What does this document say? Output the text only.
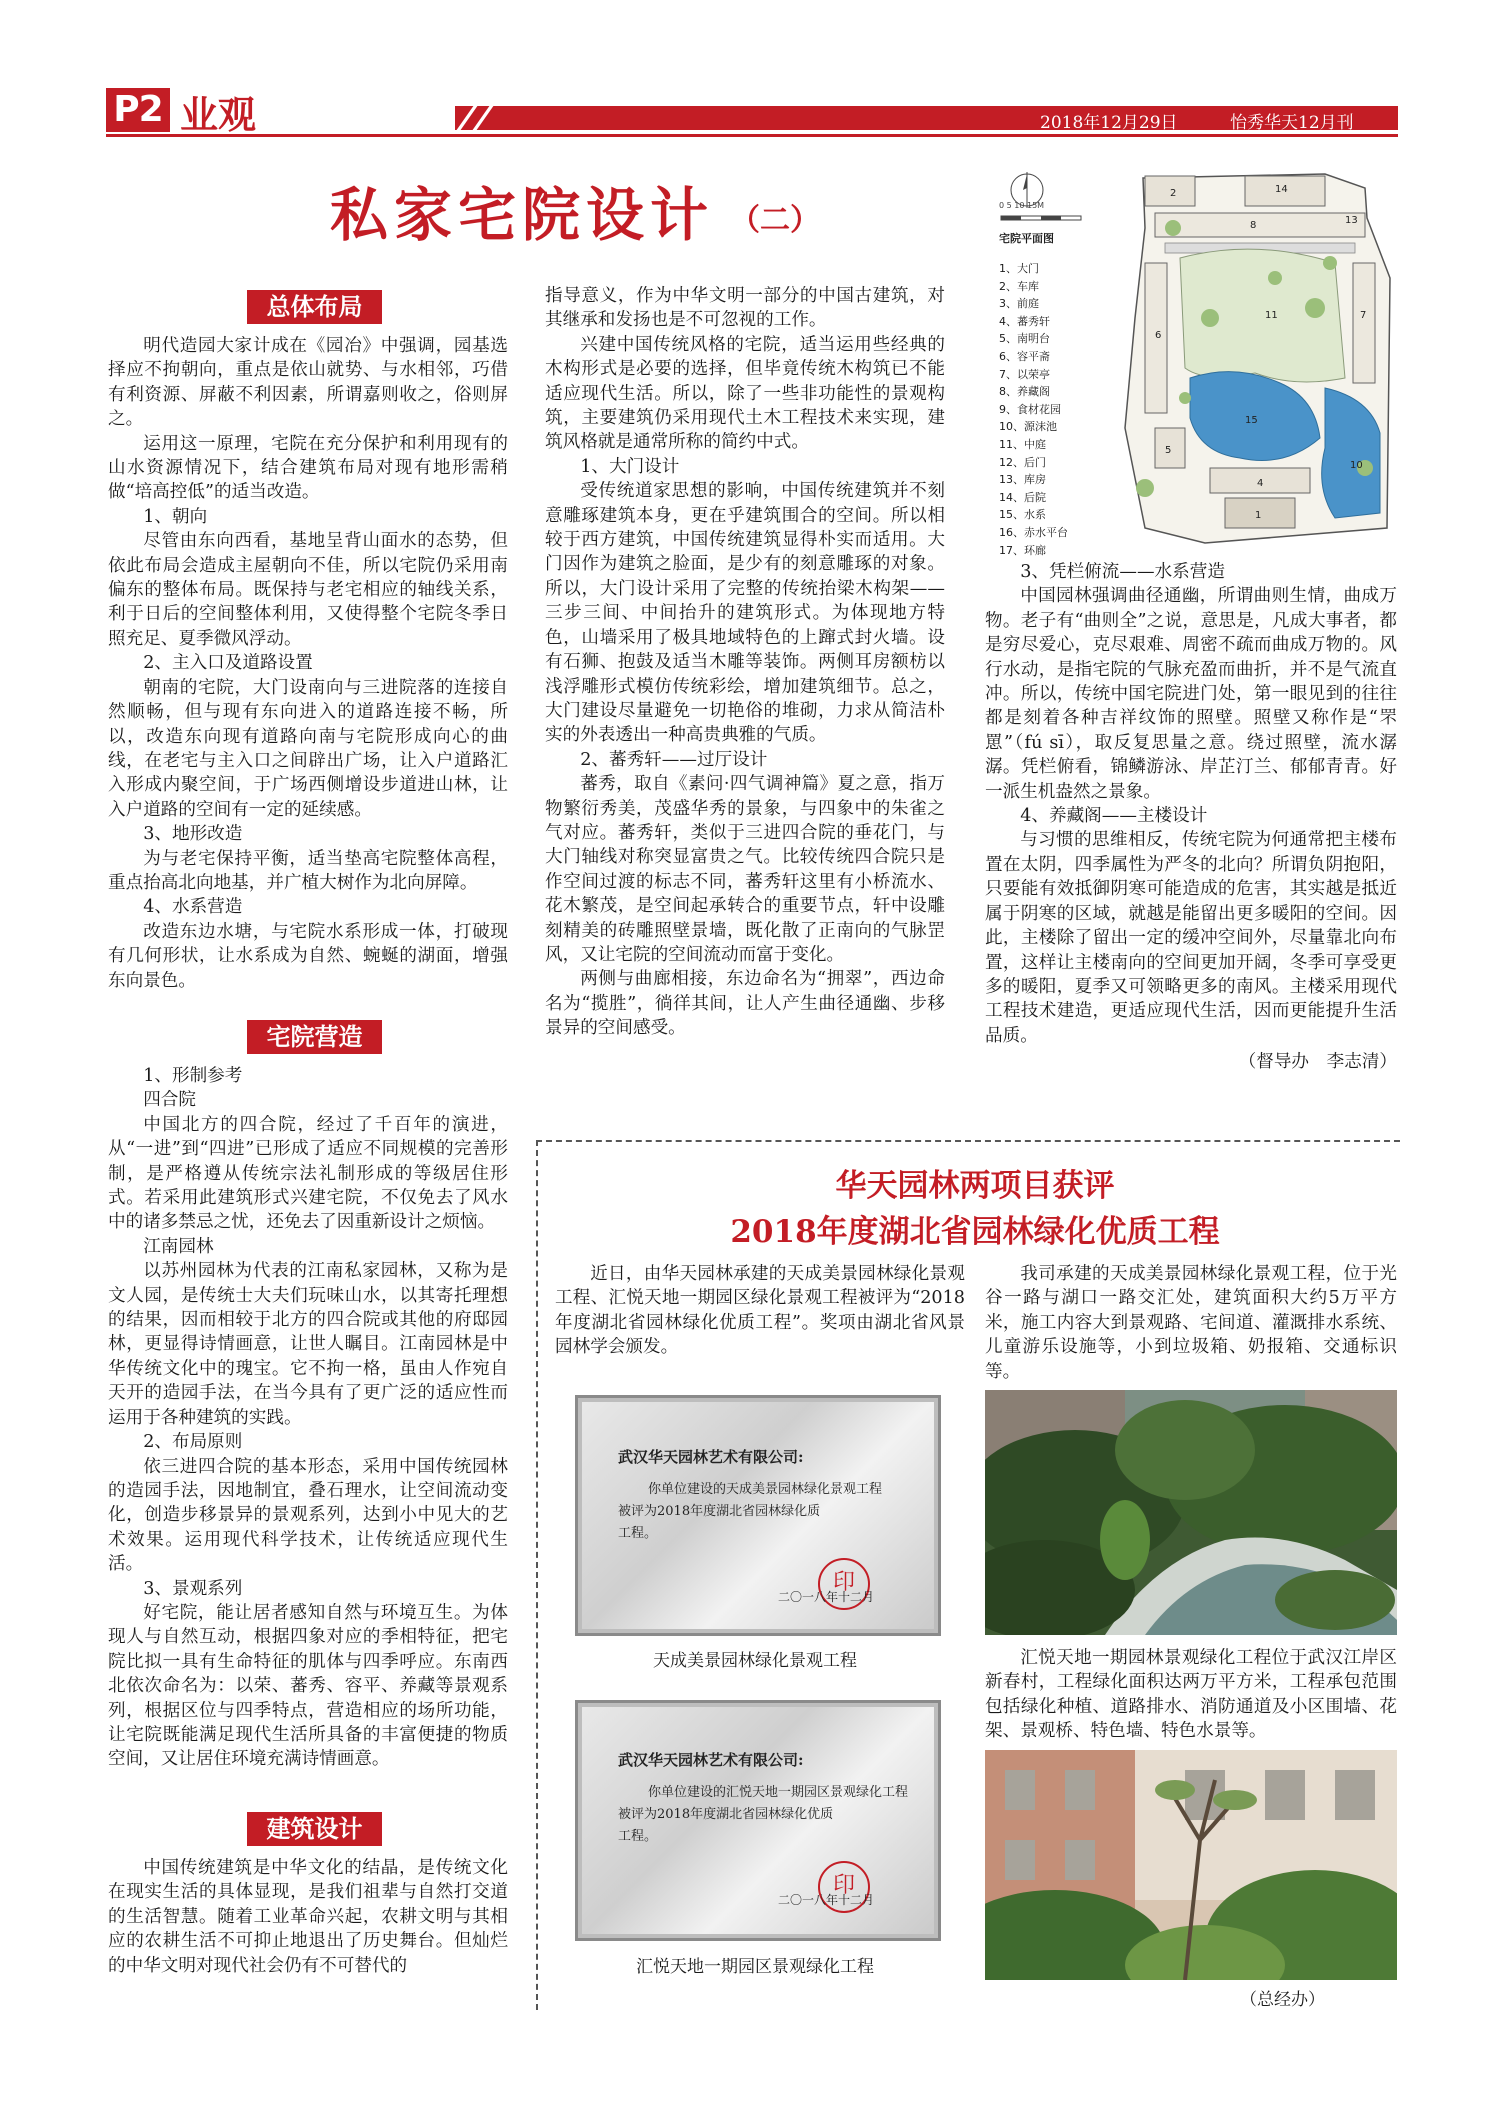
P2 业观	2018年12月29日	怡秀华天12月刊
私家宅院设计 （二）
总体布局

明代造园大家计成在《园冶》中强调，园基选择应不拘朝向，重点是依山就势、与水相邻，巧借有利资源、屏蔽不利因素，所谓嘉则收之，俗则屏之。

运用这一原理，宅院在充分保护和利用现有的山水资源情况下，结合建筑布局对现有地形需稍做“培高控低”的适当改造。

1、朝向

尽管由东向西看，基地呈背山面水的态势，但依此布局会造成主屋朝向不佳，所以宅院仍采用南偏东的整体布局。既保持与老宅相应的轴线关系，利于日后的空间整体利用，又使得整个宅院冬季日照充足、夏季微风浮动。

2、主入口及道路设置

朝南的宅院，大门设南向与三进院落的连接自然顺畅，但与现有东向进入的道路连接不畅，所以，改造东向现有道路向南与宅院形成向心的曲线，在老宅与主入口之间辟出广场，让入户道路汇入形成内聚空间，于广场西侧增设步道进山林，让入户道路的空间有一定的延续感。

3、地形改造

为与老宅保持平衡，适当垫高宅院整体高程，重点抬高北向地基，并广植大树作为北向屏障。

4、水系营造

改造东边水塘，与宅院水系形成一体，打破现有几何形状，让水系成为自然、蜿蜒的湖面，增强东向景色。

宅院营造

1、形制参考

四合院

中国北方的四合院，经过了千百年的演进，从“一进”到“四进”已形成了适应不同规模的完善形制，是严格遵从传统宗法礼制形成的等级居住形式。若采用此建筑形式兴建宅院，不仅免去了风水中的诸多禁忌之忧，还免去了因重新设计之烦恼。

江南园林

以苏州园林为代表的江南私家园林，又称为是文人园，是传统士大夫们玩味山水，以其寄托理想的结果，因而相较于北方的四合院或其他的府邸园林，更显得诗情画意，让世人瞩目。江南园林是中华传统文化中的瑰宝。它不拘一格，虽由人作宛自天开的造园手法，在当今具有了更广泛的适应性而运用于各种建筑的实践。

2、布局原则

依三进四合院的基本形态，采用中国传统园林的造园手法，因地制宜，叠石理水，让空间流动变化，创造步移景异的景观系列，达到小中见大的艺术效果。运用现代科学技术，让传统适应现代生活。

3、景观系列

好宅院，能让居者感知自然与环境互生。为体现人与自然互动，根据四象对应的季相特征，把宅院比拟一具有生命特征的肌体与四季呼应。东南西北依次命名为：以荣、蕃秀、容平、养藏等景观系列，根据区位与四季特点，营造相应的场所功能，让宅院既能满足现代生活所具备的丰富便捷的物质空间，又让居住环境充满诗情画意。

建筑设计

中国传统建筑是中华文化的结晶，是传统文化在现实生活的具体显现，是我们祖辈与自然打交道的生活智慧。随着工业革命兴起，农耕文明与其相应的农耕生活不可抑止地退出了历史舞台。但灿烂的中华文明对现代社会仍有不可替代的

指导意义，作为中华文明一部分的中国古建筑，对其继承和发扬也是不可忽视的工作。

兴建中国传统风格的宅院，适当运用些经典的木构形式是必要的选择，但毕竟传统木构筑已不能适应现代生活。所以，除了一些非功能性的景观构筑，主要建筑仍采用现代土木工程技术来实现，建筑风格就是通常所称的简约中式。

1、大门设计

受传统道家思想的影响，中国传统建筑并不刻意雕琢建筑本身，更在乎建筑围合的空间。所以相较于西方建筑，中国传统建筑显得朴实而适用。大门因作为建筑之脸面，是少有的刻意雕琢的对象。所以，大门设计采用了完整的传统抬梁木构架——三步三间、中间抬升的建筑形式。为体现地方特色，山墙采用了极具地域特色的上蹿式封火墙。设有石狮、抱鼓及适当木雕等装饰。两侧耳房额枋以浅浮雕形式模仿传统彩绘，增加建筑细节。总之，大门建设尽量避免一切艳俗的堆砌，力求从简洁朴实的外表透出一种高贵典雅的气质。

2、蕃秀轩——过厅设计

蕃秀，取自《素问·四气调神篇》夏之意，指万物繁衍秀美，茂盛华秀的景象，与四象中的朱雀之气对应。蕃秀轩，类似于三进四合院的垂花门，与大门轴线对称突显富贵之气。比较传统四合院只是作空间过渡的标志不同，蕃秀轩这里有小桥流水、花木繁茂，是空间起承转合的重要节点，轩中设雕刻精美的砖雕照壁景墙，既化散了正南向的气脉罡风，又让宅院的空间流动而富于变化。

两侧与曲廊相接，东边命名为“拥翠”，西边命名为“揽胜”，徜徉其间，让人产生曲径通幽、步移景异的空间感受。

14
2
8
11	7
6
15
10
4
1
5
13
宅院平面图
0 5 10 15M
1、大门
2、车库
3、前庭
4、蕃秀轩
5、南明台
6、容平斋
7、以荣亭
8、养藏阁
9、食材花园
10、源沫池
11、中庭
12、后门
13、库房
14、后院
15、水系
16、赤水平台
17、环廊

3、凭栏俯流——水系营造

中国园林强调曲径通幽，所谓曲则生情，曲成万物。老子有“曲则全”之说，意思是，凡成大事者，都是穷尽爱心，克尽艰难、周密不疏而曲成万物的。风行水动，是指宅院的气脉充盈而曲折，并不是气流直冲。所以，传统中国宅院进门处，第一眼见到的往往都是刻着各种吉祥纹饰的照壁。照壁又称作是“罘罳”（fú sī），取反复思量之意。绕过照壁，流水潺潺。凭栏俯看，锦鳞游泳、岸芷汀兰、郁郁青青。好一派生机盎然之景象。

4、养藏阁——主楼设计

与习惯的思维相反，传统宅院为何通常把主楼布置在太阴，四季属性为严冬的北向？所谓负阴抱阳，只要能有效抵御阴寒可能造成的危害，其实越是抵近属于阴寒的区域，就越是能留出更多暖阳的空间。因此，主楼除了留出一定的缓冲空间外，尽量靠北向布置，这样让主楼南向的空间更加开阔，冬季可享受更多的暖阳，夏季又可领略更多的南风。主楼采用现代工程技术建造，更适应现代生活，因而更能提升生活品质。

（督导办　李志清）

华天园林两项目获评
2018年度湖北省园林绿化优质工程

近日，由华天园林承建的天成美景园林绿化景观工程、汇悦天地一期园区绿化景观工程被评为“2018年度湖北省园林绿化优质工程”。奖项由湖北省风景园林学会颁发。

我司承建的天成美景园林绿化景观工程，位于光谷一路与湖口一路交汇处，建筑面积大约5万平方米，施工内容大到景观路、宅间道、灌溉排水系统、儿童游乐设施等，小到垃圾箱、奶报箱、交通标识等。

武汉华天园林艺术有限公司:
你单位建设的天成美景园林绿化景观工程
被评为2018年度湖北省园林绿化质
工程。
印
二〇一八年十二月
天成美景园林绿化景观工程
武汉华天园林艺术有限公司:
你单位建设的汇悦天地一期园区景观绿化工程
被评为2018年度湖北省园林绿化优质
工程。
印
二〇一八年十二月
汇悦天地一期园区景观绿化工程

汇悦天地一期园林景观绿化工程位于武汉江岸区新春村，工程绿化面积达两万平方米，工程承包范围包括绿化种植、道路排水、消防通道及小区围墙、花架、景观桥、特色墙、特色水景等。

（总经办）
